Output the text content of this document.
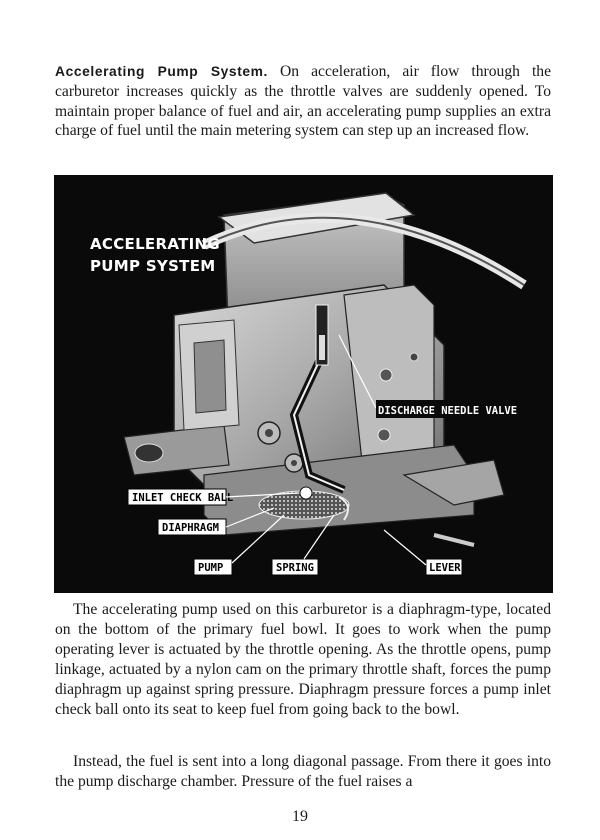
Accelerating Pump System. On acceleration, air flow through the carburetor increases quickly as the throttle valves are suddenly opened. To maintain proper balance of fuel and air, an accelerating pump supplies an extra charge of fuel until the main metering system can step up an increased flow.

ACCELERATING
PUMP SYSTEM
DISCHARGE NEEDLE VALVE
INLET CHECK BALL
DIAPHRAGM
PUMP	SPRING	LEVER

The accelerating pump used on this carburetor is a diaphragm-type, located on the bottom of the primary fuel bowl. It goes to work when the pump operating lever is actuated by the throttle opening. As the throttle opens, pump linkage, actuated by a nylon cam on the primary throttle shaft, forces the pump diaphragm up against spring pressure. Diaphragm pressure forces a pump inlet check ball onto its seat to keep fuel from going back to the bowl.

Instead, the fuel is sent into a long diagonal passage. From there it goes into the pump discharge chamber. Pressure of the fuel raises a

19
